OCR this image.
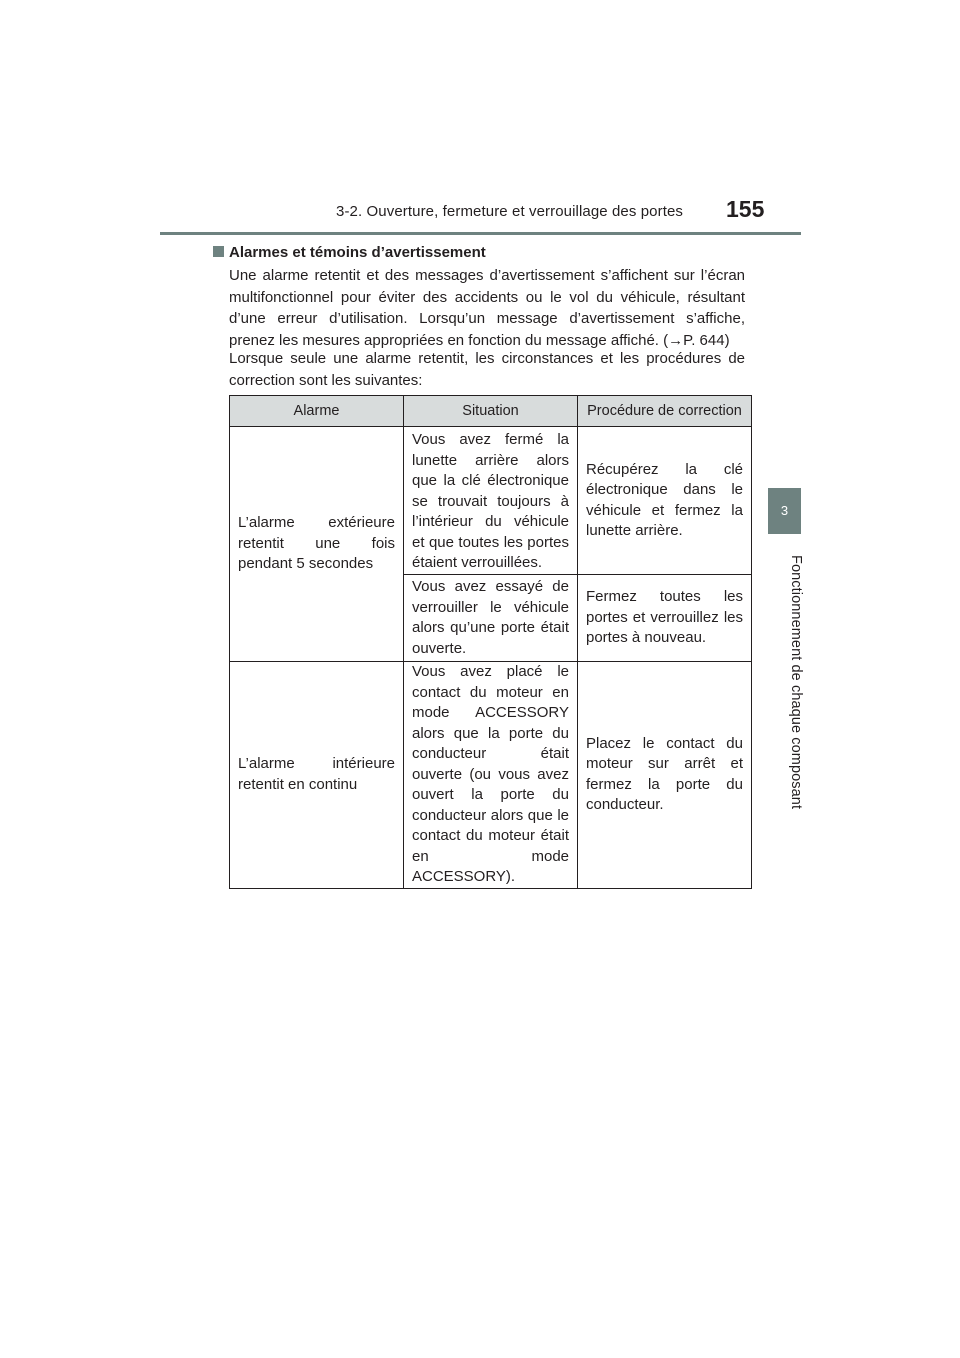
3-2. Ouverture, fermeture et verrouillage des portes 155
3
Fonctionnement de chaque composant
Alarmes et témoins d’avertissement
Une alarme retentit et des messages d’avertissement s’affichent sur l’écran multifonctionnel pour éviter des accidents ou le vol du véhicule, résultant d’une erreur d’utilisation. Lorsqu’un message d’avertissement s’affiche, prenez les mesures appropriées en fonction du message affiché. (→P. 644)
Lorsque seule une alarme retentit, les circonstances et les procédures de correction sont les suivantes:
Alarme	Situation	Procédure de correction
L’alarme extérieure retentit une fois pendant 5 secondes	Vous avez fermé la lunette arrière alors que la clé électronique se trouvait toujours à l’intérieur du véhicule et que toutes les portes étaient verrouillées.	Récupérez la clé électronique dans le véhicule et fermez la lunette arrière.
	Vous avez essayé de verrouiller le véhicule alors qu’une porte était ouverte.	Fermez toutes les portes et verrouillez les portes à nouveau.
L’alarme intérieure retentit en continu	Vous avez placé le contact du moteur en mode ACCESSORY alors que la porte du conducteur était ouverte (ou vous avez ouvert la porte du conducteur alors que le contact du moteur était en mode ACCESSORY).	Placez le contact du moteur sur arrêt et fermez la porte du conducteur.
